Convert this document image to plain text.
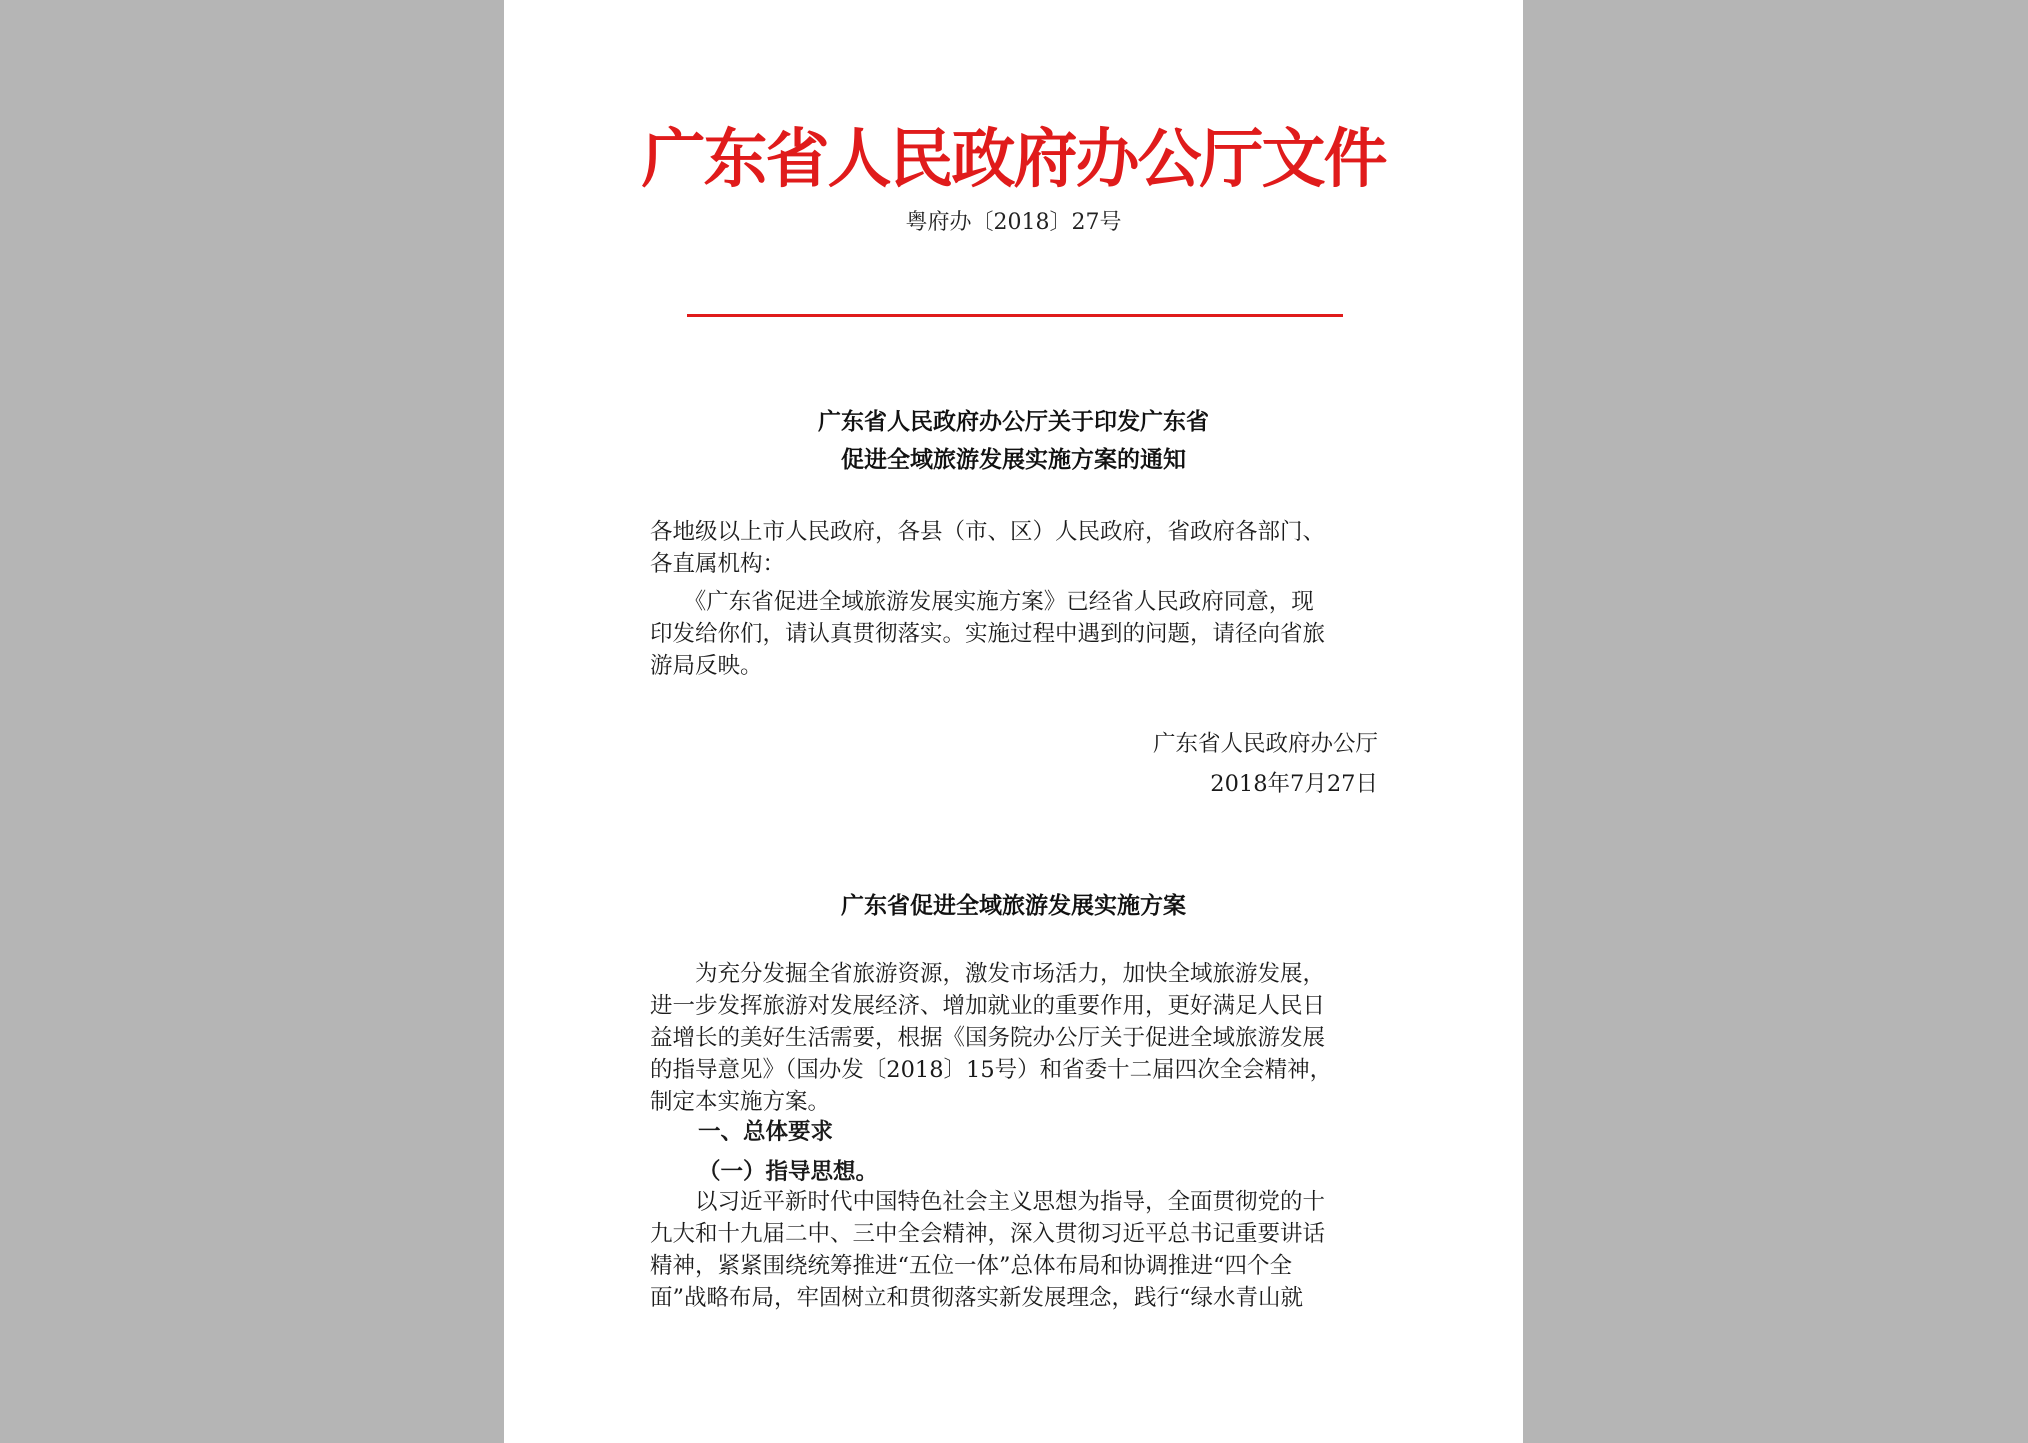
广东省人民政府办公厅文件
粤府办〔2018〕27号
广东省人民政府办公厅关于印发广东省
促进全域旅游发展实施方案的通知

各地级以上市人民政府，各县（市、区）人民政府，省政府各部门、

各直属机构：

　　《广东省促进全域旅游发展实施方案》已经省人民政府同意，现

印发给你们，请认真贯彻落实。实施过程中遇到的问题，请径向省旅

游局反映。

广东省人民政府办公厅
2018年7月27日
广东省促进全域旅游发展实施方案

　　为充分发掘全省旅游资源，激发市场活力，加快全域旅游发展，

进一步发挥旅游对发展经济、增加就业的重要作用，更好满足人民日

益增长的美好生活需要，根据《国务院办公厅关于促进全域旅游发展

的指导意见》（国办发〔2018〕15号）和省委十二届四次全会精神，

制定本实施方案。

一、总体要求
（一）指导思想。

　　以习近平新时代中国特色社会主义思想为指导，全面贯彻党的十

九大和十九届二中、三中全会精神，深入贯彻习近平总书记重要讲话

精神，紧紧围绕统筹推进“五位一体”总体布局和协调推进“四个全

面”战略布局，牢固树立和贯彻落实新发展理念，践行“绿水青山就
